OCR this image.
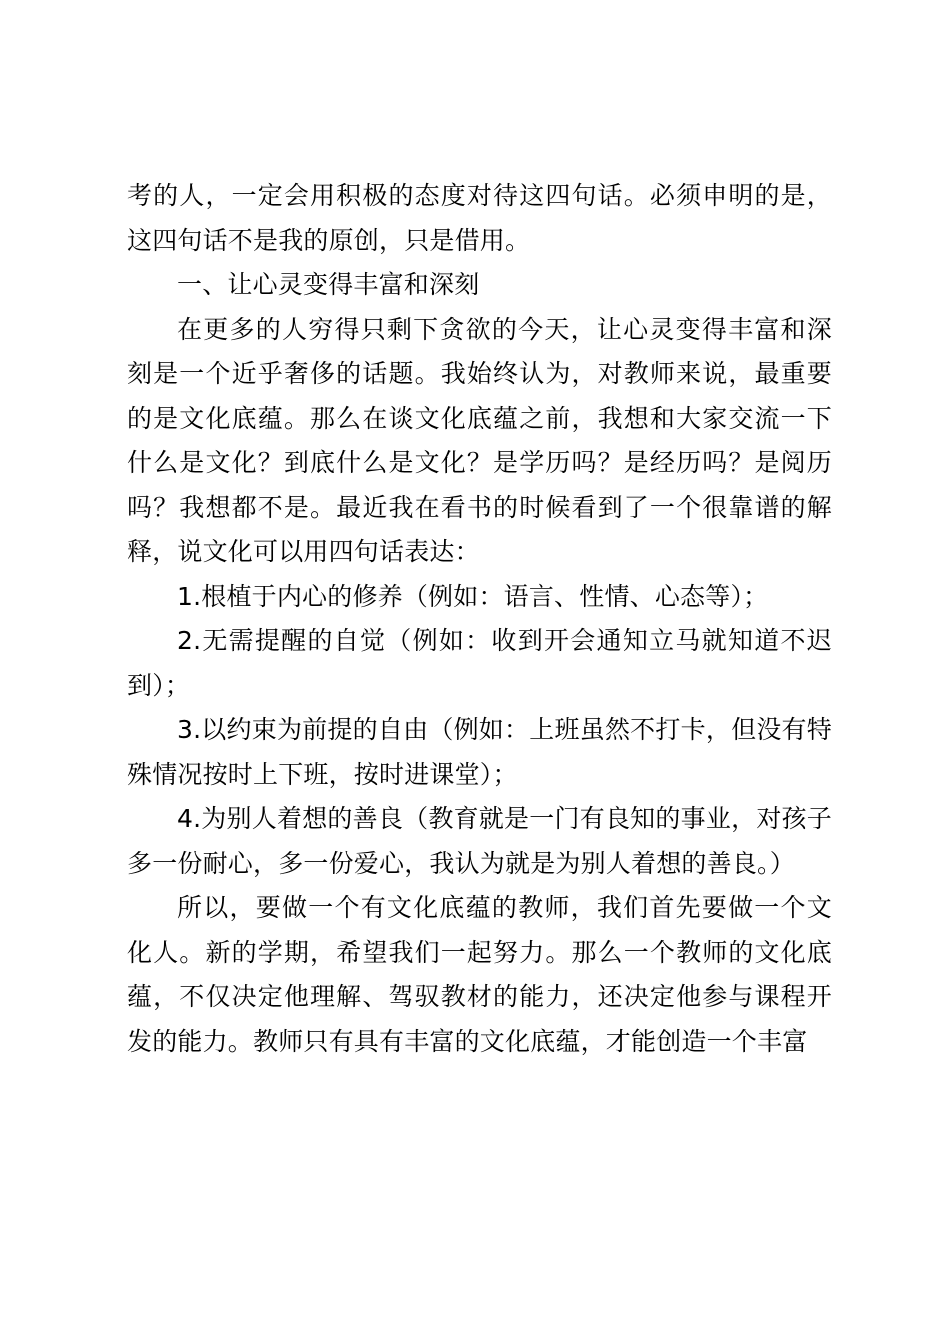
考的人，一定会用积极的态度对待这四句话。必须申明的是，这四句话不是我的原创，只是借用。

一、让心灵变得丰富和深刻

在更多的人穷得只剩下贪欲的今天，让心灵变得丰富和深刻是一个近乎奢侈的话题。我始终认为，对教师来说，最重要的是文化底蕴。那么在谈文化底蕴之前，我想和大家交流一下什么是文化？到底什么是文化？是学历吗？是经历吗？是阅历吗？我想都不是。最近我在看书的时候看到了一个很靠谱的解释，说文化可以用四句话表达：

1.根植于内心的修养（例如：语言、性情、心态等）；

2.无需提醒的自觉（例如：收到开会通知立马就知道不迟到）；

3.以约束为前提的自由（例如：上班虽然不打卡，但没有特殊情况按时上下班，按时进课堂）；

4.为别人着想的善良（教育就是一门有良知的事业，对孩子多一份耐心，多一份爱心，我认为就是为别人着想的善良。）

所以，要做一个有文化底蕴的教师，我们首先要做一个文化人。新的学期，希望我们一起努力。那么一个教师的文化底蕴，不仅决定他理解、驾驭教材的能力，还决定他参与课程开发的能力。教师只有具有丰富的文化底蕴，才能创造一个丰富
